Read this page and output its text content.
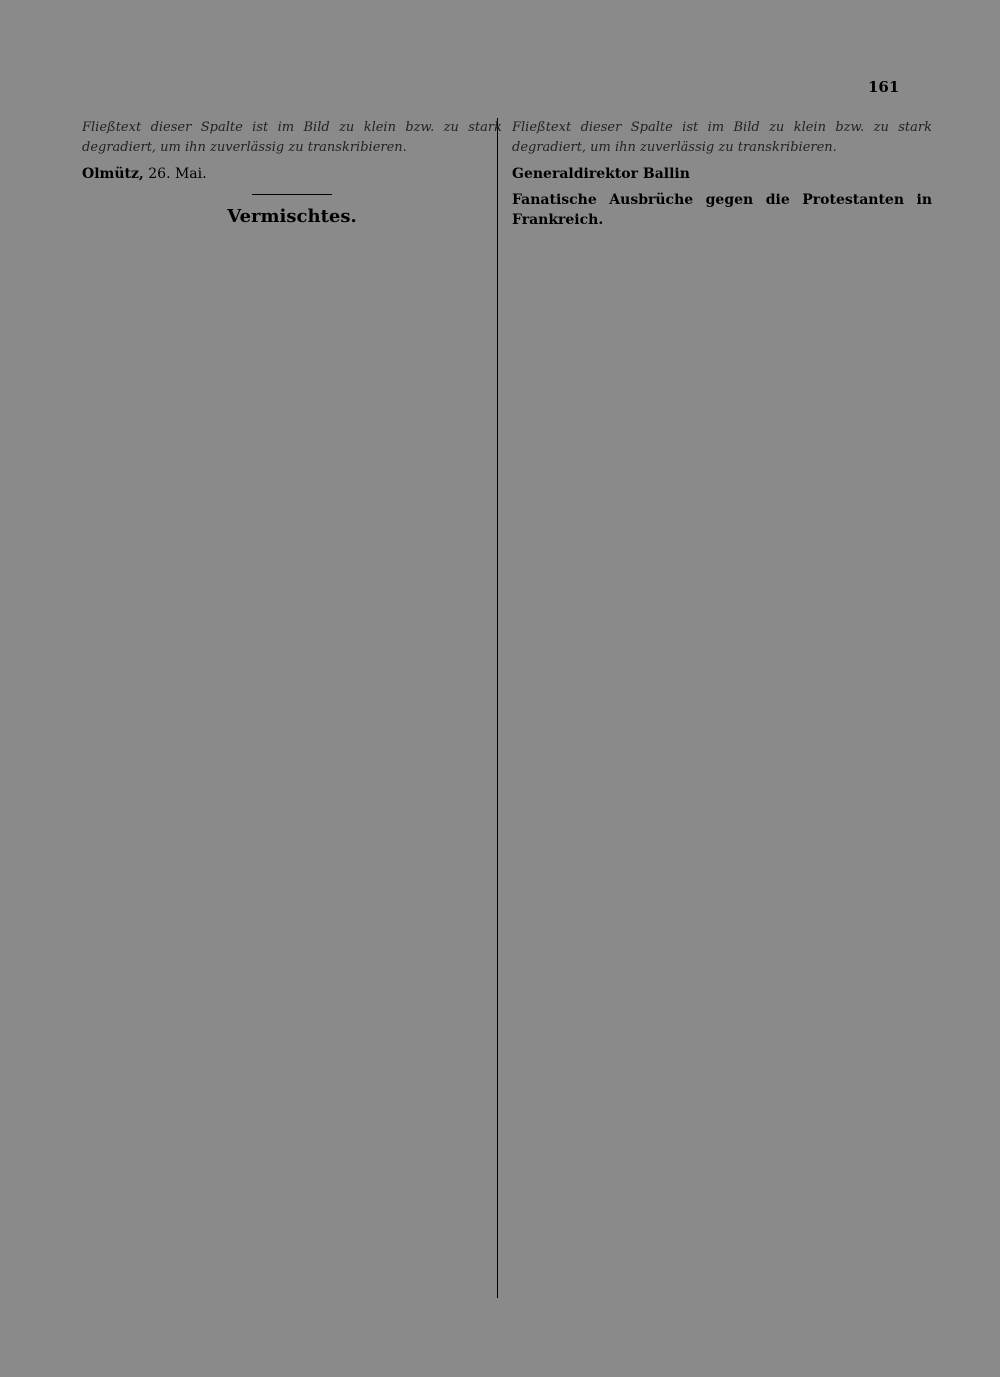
161

Fließtext dieser Spalte ist im Bild zu klein bzw. zu stark degradiert, um ihn zuverlässig zu transkribieren.

Olmütz, 26. Mai.

Vermischtes.

Fließtext dieser Spalte ist im Bild zu klein bzw. zu stark degradiert, um ihn zuverlässig zu transkribieren.

Generaldirektor Ballin

Fanatische Ausbrüche gegen die Protestanten in Frankreich.
